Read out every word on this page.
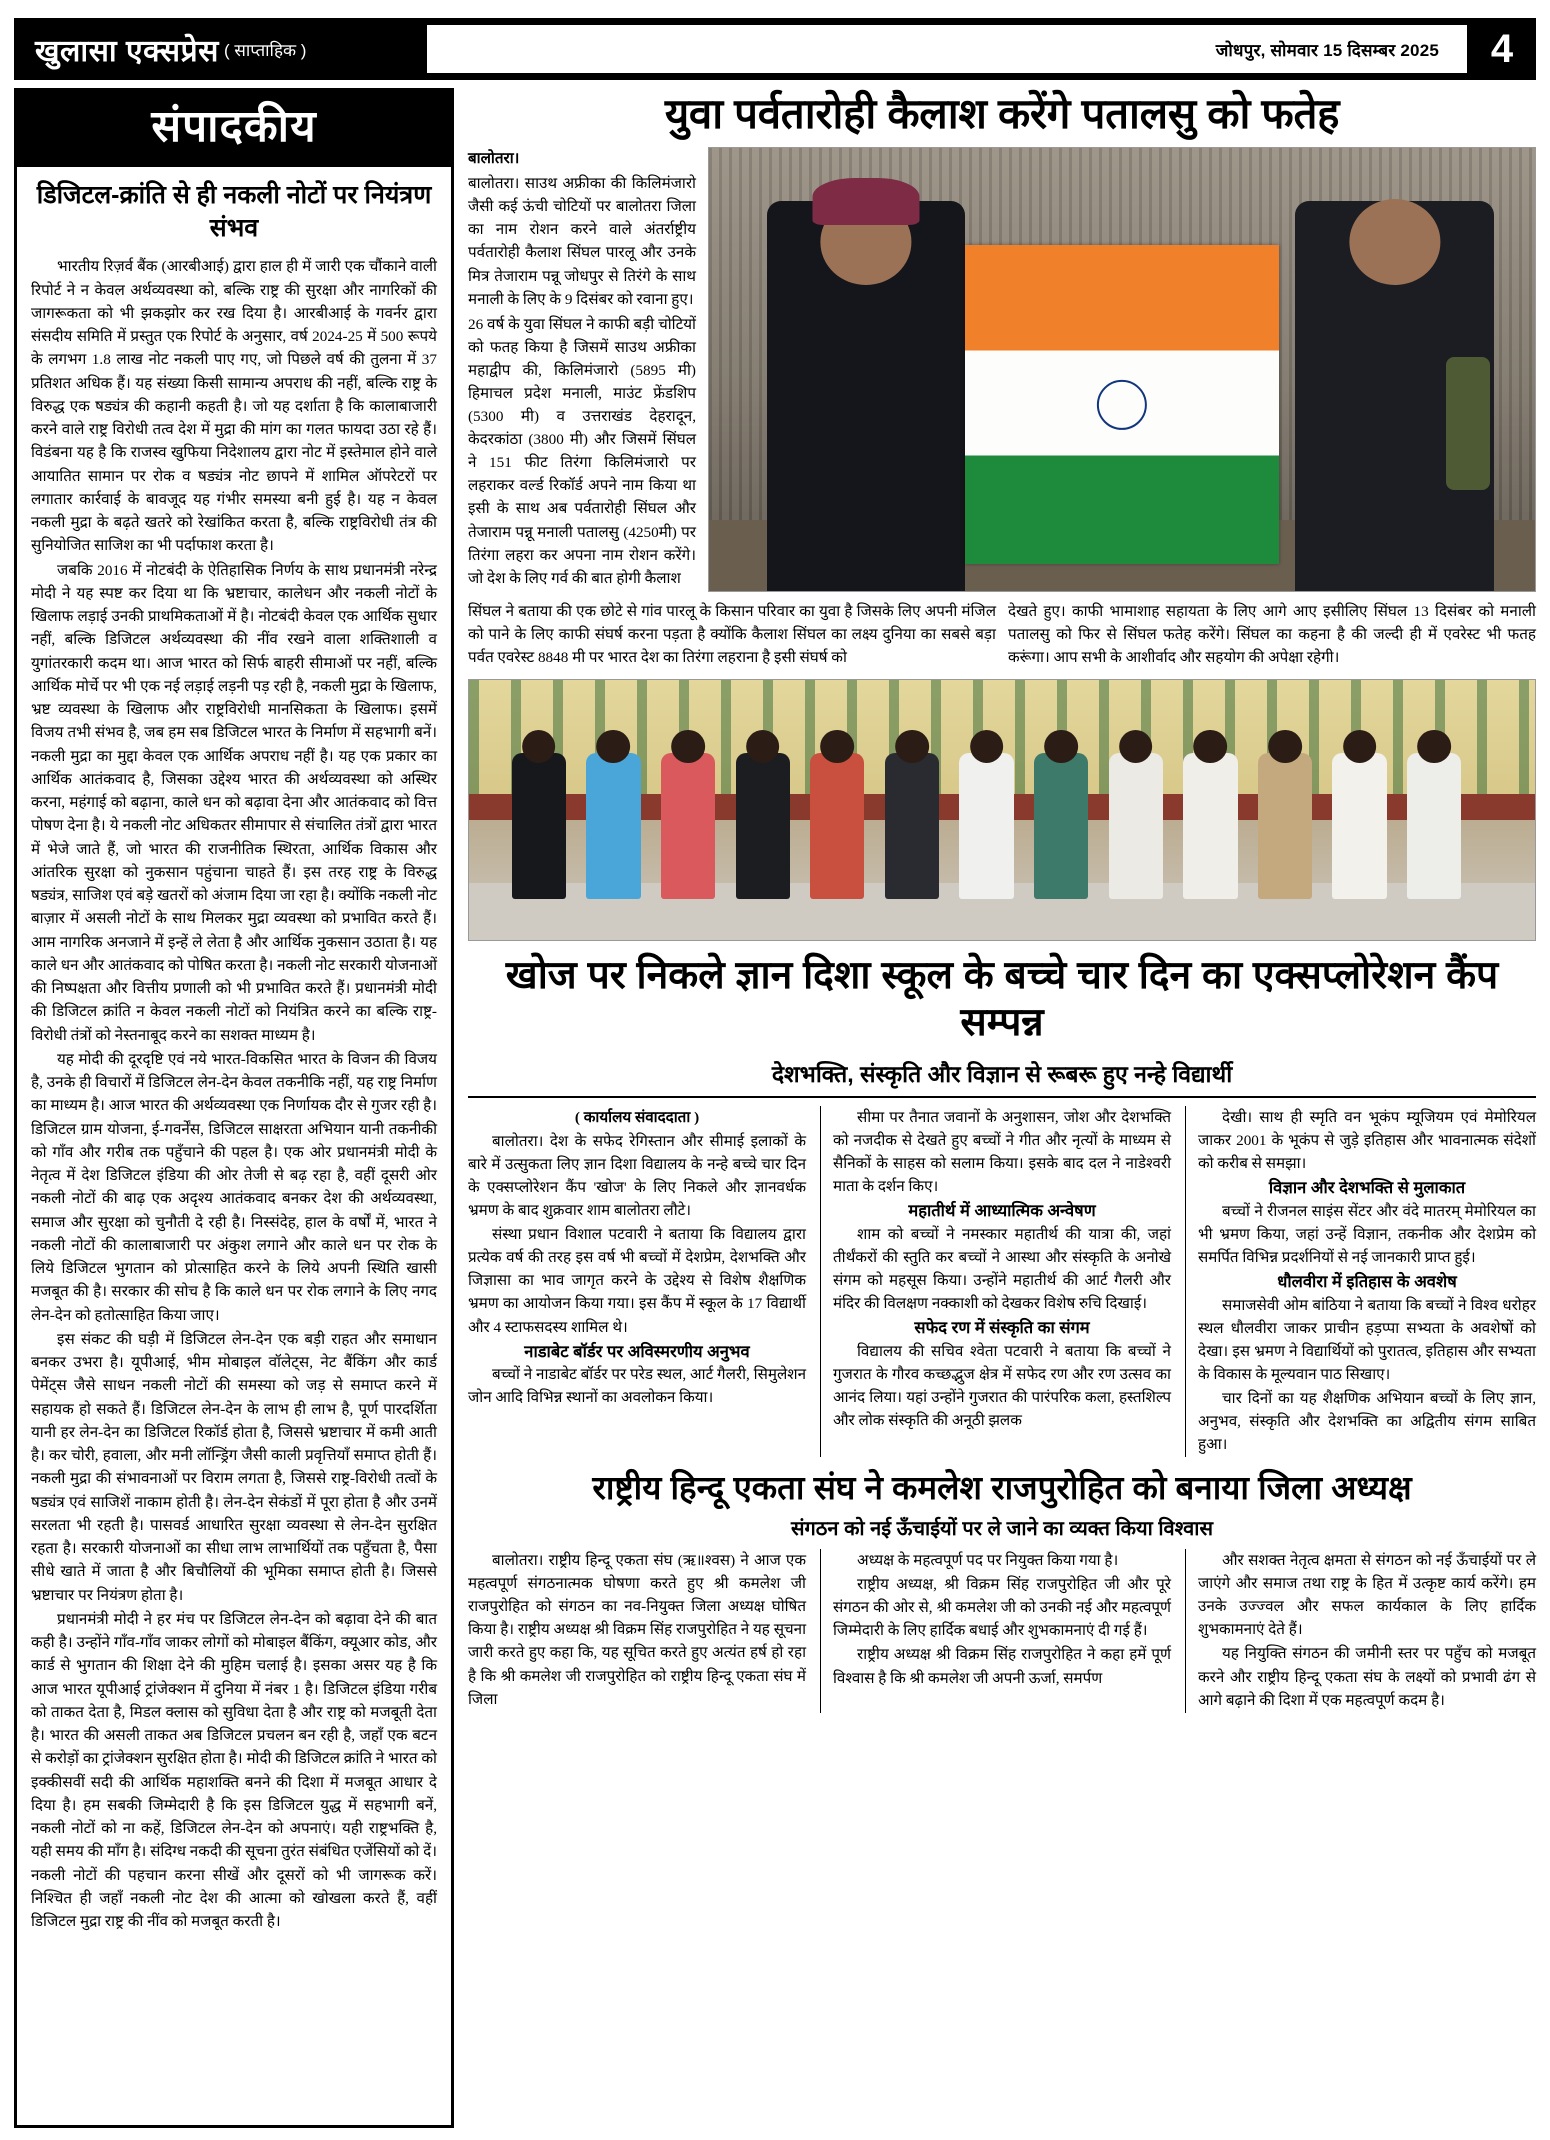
खुलासा एक्सप्रेस ( साप्ताहिक )	जोधपुर, सोमवार 15 दिसम्बर 2025	4
संपादकीय
डिजिटल-क्रांति से ही नकली नोटों पर नियंत्रण संभव

भारतीय रिज़र्व बैंक (आरबीआई) द्वारा हाल ही में जारी एक चौंकाने वाली रिपोर्ट ने न केवल अर्थव्यवस्था को, बल्कि राष्ट्र की सुरक्षा और नागरिकों की जागरूकता को भी झकझोर कर रख दिया है। आरबीआई के गवर्नर द्वारा संसदीय समिति में प्रस्तुत एक रिपोर्ट के अनुसार, वर्ष 2024-25 में 500 रूपये के लगभग 1.8 लाख नोट नकली पाए गए, जो पिछले वर्ष की तुलना में 37 प्रतिशत अधिक हैं। यह संख्या किसी सामान्य अपराध की नहीं, बल्कि राष्ट्र के विरुद्ध एक षड्यंत्र की कहानी कहती है। जो यह दर्शाता है कि कालाबाजारी करने वाले राष्ट्र विरोधी तत्व देश में मुद्रा की मांग का गलत फायदा उठा रहे हैं। विडंबना यह है कि राजस्व खुफिया निदेशालय द्वारा नोट में इस्तेमाल होने वाले आयातित सामान पर रोक व षड्यंत्र नोट छापने में शामिल ऑपरेटरों पर लगातार कार्रवाई के बावजूद यह गंभीर समस्या बनी हुई है। यह न केवल नकली मुद्रा के बढ़ते खतरे को रेखांकित करता है, बल्कि राष्ट्रविरोधी तंत्र की सुनियोजित साजिश का भी पर्दाफाश करता है।

जबकि 2016 में नोटबंदी के ऐतिहासिक निर्णय के साथ प्रधानमंत्री नरेन्द्र मोदी ने यह स्पष्ट कर दिया था कि भ्रष्टाचार, कालेधन और नकली नोटों के खिलाफ लड़ाई उनकी प्राथमिकताओं में है। नोटबंदी केवल एक आर्थिक सुधार नहीं, बल्कि डिजिटल अर्थव्यवस्था की नींव रखने वाला शक्तिशाली व युगांतरकारी कदम था। आज भारत को सिर्फ बाहरी सीमाओं पर नहीं, बल्कि आर्थिक मोर्चे पर भी एक नई लड़ाई लड़नी पड़ रही है, नकली मुद्रा के खिलाफ, भ्रष्ट व्यवस्था के खिलाफ और राष्ट्रविरोधी मानसिकता के खिलाफ। इसमें विजय तभी संभव है, जब हम सब डिजिटल भारत के निर्माण में सहभागी बनें। नकली मुद्रा का मुद्दा केवल एक आर्थिक अपराध नहीं है। यह एक प्रकार का आर्थिक आतंकवाद है, जिसका उद्देश्य भारत की अर्थव्यवस्था को अस्थिर करना, महंगाई को बढ़ाना, काले धन को बढ़ावा देना और आतंकवाद को वित्त पोषण देना है। ये नकली नोट अधिकतर सीमापार से संचालित तंत्रों द्वारा भारत में भेजे जाते हैं, जो भारत की राजनीतिक स्थिरता, आर्थिक विकास और आंतरिक सुरक्षा को नुकसान पहुंचाना चाहते हैं। इस तरह राष्ट्र के विरुद्ध षड्यंत्र, साजिश एवं बड़े खतरों को अंजाम दिया जा रहा है। क्योंकि नकली नोट बाज़ार में असली नोटों के साथ मिलकर मुद्रा व्यवस्था को प्रभावित करते हैं। आम नागरिक अनजाने में इन्हें ले लेता है और आर्थिक नुकसान उठाता है। यह काले धन और आतंकवाद को पोषित करता है। नकली नोट सरकारी योजनाओं की निष्पक्षता और वित्तीय प्रणाली को भी प्रभावित करते हैं। प्रधानमंत्री मोदी की डिजिटल क्रांति न केवल नकली नोटों को नियंत्रित करने का बल्कि राष्ट्र-विरोधी तंत्रों को नेस्तनाबूद करने का सशक्त माध्यम है।

यह मोदी की दूरदृष्टि एवं नये भारत-विकसित भारत के विजन की विजय है, उनके ही विचारों में डिजिटल लेन-देन केवल तकनीकि नहीं, यह राष्ट्र निर्माण का माध्यम है। आज भारत की अर्थव्यवस्था एक निर्णायक दौर से गुजर रही है। डिजिटल ग्राम योजना, ई-गवर्नेंस, डिजिटल साक्षरता अभियान यानी तकनीकी को गाँव और गरीब तक पहुँचाने की पहल है। एक ओर प्रधानमंत्री मोदी के नेतृत्व में देश डिजिटल इंडिया की ओर तेजी से बढ़ रहा है, वहीं दूसरी ओर नकली नोटों की बाढ़ एक अदृश्य आतंकवाद बनकर देश की अर्थव्यवस्था, समाज और सुरक्षा को चुनौती दे रही है। निस्संदेह, हाल के वर्षों में, भारत ने नकली नोटों की कालाबाजारी पर अंकुश लगाने और काले धन पर रोक के लिये डिजिटल भुगतान को प्रोत्साहित करने के लिये अपनी स्थिति खासी मजबूत की है। सरकार की सोच है कि काले धन पर रोक लगाने के लिए नगद लेन-देन को हतोत्साहित किया जाए।

इस संकट की घड़ी में डिजिटल लेन-देन एक बड़ी राहत और समाधान बनकर उभरा है। यूपीआई, भीम मोबाइल वॉलेट्स, नेट बैंकिंग और कार्ड पेमेंट्स जैसे साधन नकली नोटों की समस्या को जड़ से समाप्त करने में सहायक हो सकते हैं। डिजिटल लेन-देन के लाभ ही लाभ है, पूर्ण पारदर्शिता यानी हर लेन-देन का डिजिटल रिकॉर्ड होता है, जिससे भ्रष्टाचार में कमी आती है। कर चोरी, हवाला, और मनी लॉन्ड्रिंग जैसी काली प्रवृत्तियाँ समाप्त होती हैं। नकली मुद्रा की संभावनाओं पर विराम लगता है, जिससे राष्ट्र-विरोधी तत्वों के षड्यंत्र एवं साजिशें नाकाम होती है। लेन-देन सेकंडों में पूरा होता है और उनमें सरलता भी रहती है। पासवर्ड आधारित सुरक्षा व्यवस्था से लेन-देन सुरक्षित रहता है। सरकारी योजनाओं का सीधा लाभ लाभार्थियों तक पहुँचता है, पैसा सीधे खाते में जाता है और बिचौलियों की भूमिका समाप्त होती है। जिससे भ्रष्टाचार पर नियंत्रण होता है।

प्रधानमंत्री मोदी ने हर मंच पर डिजिटल लेन-देन को बढ़ावा देने की बात कही है। उन्होंने गाँव-गाँव जाकर लोगों को मोबाइल बैंकिंग, क्यूआर कोड, और कार्ड से भुगतान की शिक्षा देने की मुहिम चलाई है। इसका असर यह है कि आज भारत यूपीआई ट्रांजेक्शन में दुनिया में नंबर 1 है। डिजिटल इंडिया गरीब को ताकत देता है, मिडल क्लास को सुविधा देता है और राष्ट्र को मजबूती देता है। भारत की असली ताकत अब डिजिटल प्रचलन बन रही है, जहाँ एक बटन से करोड़ों का ट्रांजेक्शन सुरक्षित होता है। मोदी की डिजिटल क्रांति ने भारत को इक्कीसवीं सदी की आर्थिक महाशक्ति बनने की दिशा में मजबूत आधार दे दिया है। हम सबकी जिम्मेदारी है कि इस डिजिटल युद्ध में सहभागी बनें, नकली नोटों को ना कहें, डिजिटल लेन-देन को अपनाएं। यही राष्ट्रभक्ति है, यही समय की माँग है। संदिग्ध नकदी की सूचना तुरंत संबंधित एजेंसियों को दें। नकली नोटों की पहचान करना सीखें और दूसरों को भी जागरूक करें। निश्चित ही जहाँ नकली नोट देश की आत्मा को खोखला करते हैं, वहीं डिजिटल मुद्रा राष्ट्र की नींव को मजबूत करती है।

युवा पर्वतारोही कैलाश करेंगे पतालसु को फतेह

बालोतरा।

बालोतरा। साउथ अफ्रीका की किलिमंजारो जैसी कई ऊंची चोटियों पर बालोतरा जिला का नाम रोशन करने वाले अंतर्राष्ट्रीय पर्वतारोही कैलाश सिंघल पारलू और उनके मित्र तेजाराम पन्नू जोधपुर से तिरंगे के साथ मनाली के लिए के 9 दिसंबर को रवाना हुए।

26 वर्ष के युवा सिंघल ने काफी बड़ी चोटियों को फतह किया है जिसमें साउथ अफ्रीका महाद्वीप की, किलिमंजारो (5895 मी) हिमाचल प्रदेश मनाली, माउंट फ्रेंडशिप (5300 मी) व उत्तराखंड देहरादून, केदरकांठा (3800 मी) और जिसमें सिंघल ने 151 फीट तिरंगा किलिमंजारो पर लहराकर वर्ल्ड रिकॉर्ड अपने नाम किया था इसी के साथ अब पर्वतारोही सिंघल और तेजाराम पन्नू मनाली पतालसु (4250मी) पर तिरंगा लहरा कर अपना नाम रोशन करेंगे। जो देश के लिए गर्व की बात होगी कैलाश

सिंघल ने बताया की एक छोटे से गांव पारलू के किसान परिवार का युवा है जिसके लिए अपनी मंजिल को पाने के लिए काफी संघर्ष करना पड़ता है क्योंकि कैलाश सिंघल का लक्ष्य दुनिया का सबसे बड़ा पर्वत एवरेस्ट 8848 मी पर भारत देश का तिरंगा लहराना है इसी संघर्ष को
देखते हुए। काफी भामाशाह सहायता के लिए आगे आए इसीलिए सिंघल 13 दिसंबर को मनाली पतालसु को फिर से सिंघल फतेह करेंगे। सिंघल का कहना है की जल्दी ही में एवरेस्ट भी फतह करूंगा। आप सभी के आशीर्वाद और सहयोग की अपेक्षा रहेगी।
खोज पर निकले ज्ञान दिशा स्कूल के बच्चे चार दिन का एक्सप्लोरेशन कैंप सम्पन्न
देशभक्ति, संस्कृति और विज्ञान से रूबरू हुए नन्हे विद्यार्थी

( कार्यालय संवाददाता )

बालोतरा। देश के सफेद रेगिस्तान और सीमाई इलाकों के बारे में उत्सुकता लिए ज्ञान दिशा विद्यालय के नन्हे बच्चे चार दिन के एक्सप्लोरेशन कैंप 'खोज' के लिए निकले और ज्ञानवर्धक भ्रमण के बाद शुक्रवार शाम बालोतरा लौटे।

संस्था प्रधान विशाल पटवारी ने बताया कि विद्यालय द्वारा प्रत्येक वर्ष की तरह इस वर्ष भी बच्चों में देशप्रेम, देशभक्ति और जिज्ञासा का भाव जागृत करने के उद्देश्य से विशेष शैक्षणिक भ्रमण का आयोजन किया गया। इस कैंप में स्कूल के 17 विद्यार्थी और 4 स्टाफसदस्य शामिल थे।

नाडाबेट बॉर्डर पर अविस्मरणीय अनुभव

बच्चों ने नाडाबेट बॉर्डर पर परेड स्थल, आर्ट गैलरी, सिमुलेशन जोन आदि विभिन्न स्थानों का अवलोकन किया।

सीमा पर तैनात जवानों के अनुशासन, जोश और देशभक्ति को नजदीक से देखते हुए बच्चों ने गीत और नृत्यों के माध्यम से सैनिकों के साहस को सलाम किया। इसके बाद दल ने नाडेश्वरी माता के दर्शन किए।

महातीर्थ में आध्यात्मिक अन्वेषण

शाम को बच्चों ने नमस्कार महातीर्थ की यात्रा की, जहां तीर्थंकरों की स्तुति कर बच्चों ने आस्था और संस्कृति के अनोखे संगम को महसूस किया। उन्होंने महातीर्थ की आर्ट गैलरी और मंदिर की विलक्षण नक्काशी को देखकर विशेष रुचि दिखाई।

सफेद रण में संस्कृति का संगम

विद्यालय की सचिव श्वेता पटवारी ने बताया कि बच्चों ने गुजरात के गौरव कच्छद्भुज क्षेत्र में सफेद रण और रण उत्सव का आनंद लिया। यहां उन्होंने गुजरात की पारंपरिक कला, हस्तशिल्प और लोक संस्कृति की अनूठी झलक

देखी। साथ ही स्मृति वन भूकंप म्यूजियम एवं मेमोरियल जाकर 2001 के भूकंप से जुड़े इतिहास और भावनात्मक संदेशों को करीब से समझा।

विज्ञान और देशभक्ति से मुलाकात

बच्चों ने रीजनल साइंस सेंटर और वंदे मातरम् मेमोरियल का भी भ्रमण किया, जहां उन्हें विज्ञान, तकनीक और देशप्रेम को समर्पित विभिन्न प्रदर्शनियों से नई जानकारी प्राप्त हुई।

धौलवीरा में इतिहास के अवशेष

समाजसेवी ओम बांठिया ने बताया कि बच्चों ने विश्व धरोहर स्थल धौलवीरा जाकर प्राचीन हड़प्पा सभ्यता के अवशेषों को देखा। इस भ्रमण ने विद्यार्थियों को पुरातत्व, इतिहास और सभ्यता के विकास के मूल्यवान पाठ सिखाए।

चार दिनों का यह शैक्षणिक अभियान बच्चों के लिए ज्ञान, अनुभव, संस्कृति और देशभक्ति का अद्वितीय संगम साबित हुआ।

राष्ट्रीय हिन्दू एकता संघ ने कमलेश राजपुरोहित को बनाया जिला अध्यक्ष
संगठन को नई ऊँचाईयों पर ले जाने का व्यक्त किया विश्वास

बालोतरा। राष्ट्रीय हिन्दू एकता संघ (ऋ॥श्वस) ने आज एक महत्वपूर्ण संगठनात्मक घोषणा करते हुए श्री कमलेश जी राजपुरोहित को संगठन का नव-नियुक्त जिला अध्यक्ष घोषित किया है। राष्ट्रीय अध्यक्ष श्री विक्रम सिंह राजपुरोहित ने यह सूचना जारी करते हुए कहा कि, यह सूचित करते हुए अत्यंत हर्ष हो रहा है कि श्री कमलेश जी राजपुरोहित को राष्ट्रीय हिन्दू एकता संघ में जिला

अध्यक्ष के महत्वपूर्ण पद पर नियुक्त किया गया है।

राष्ट्रीय अध्यक्ष, श्री विक्रम सिंह राजपुरोहित जी और पूरे संगठन की ओर से, श्री कमलेश जी को उनकी नई और महत्वपूर्ण जिम्मेदारी के लिए हार्दिक बधाई और शुभकामनाएं दी गई हैं।

राष्ट्रीय अध्यक्ष श्री विक्रम सिंह राजपुरोहित ने कहा हमें पूर्ण विश्वास है कि श्री कमलेश जी अपनी ऊर्जा, समर्पण

और सशक्त नेतृत्व क्षमता से संगठन को नई ऊँचाईयों पर ले जाएंगे और समाज तथा राष्ट्र के हित में उत्कृष्ट कार्य करेंगे। हम उनके उज्ज्वल और सफल कार्यकाल के लिए हार्दिक शुभकामनाएं देते हैं।

यह नियुक्ति संगठन की जमीनी स्तर पर पहुँच को मजबूत करने और राष्ट्रीय हिन्दू एकता संघ के लक्ष्यों को प्रभावी ढंग से आगे बढ़ाने की दिशा में एक महत्वपूर्ण कदम है।
